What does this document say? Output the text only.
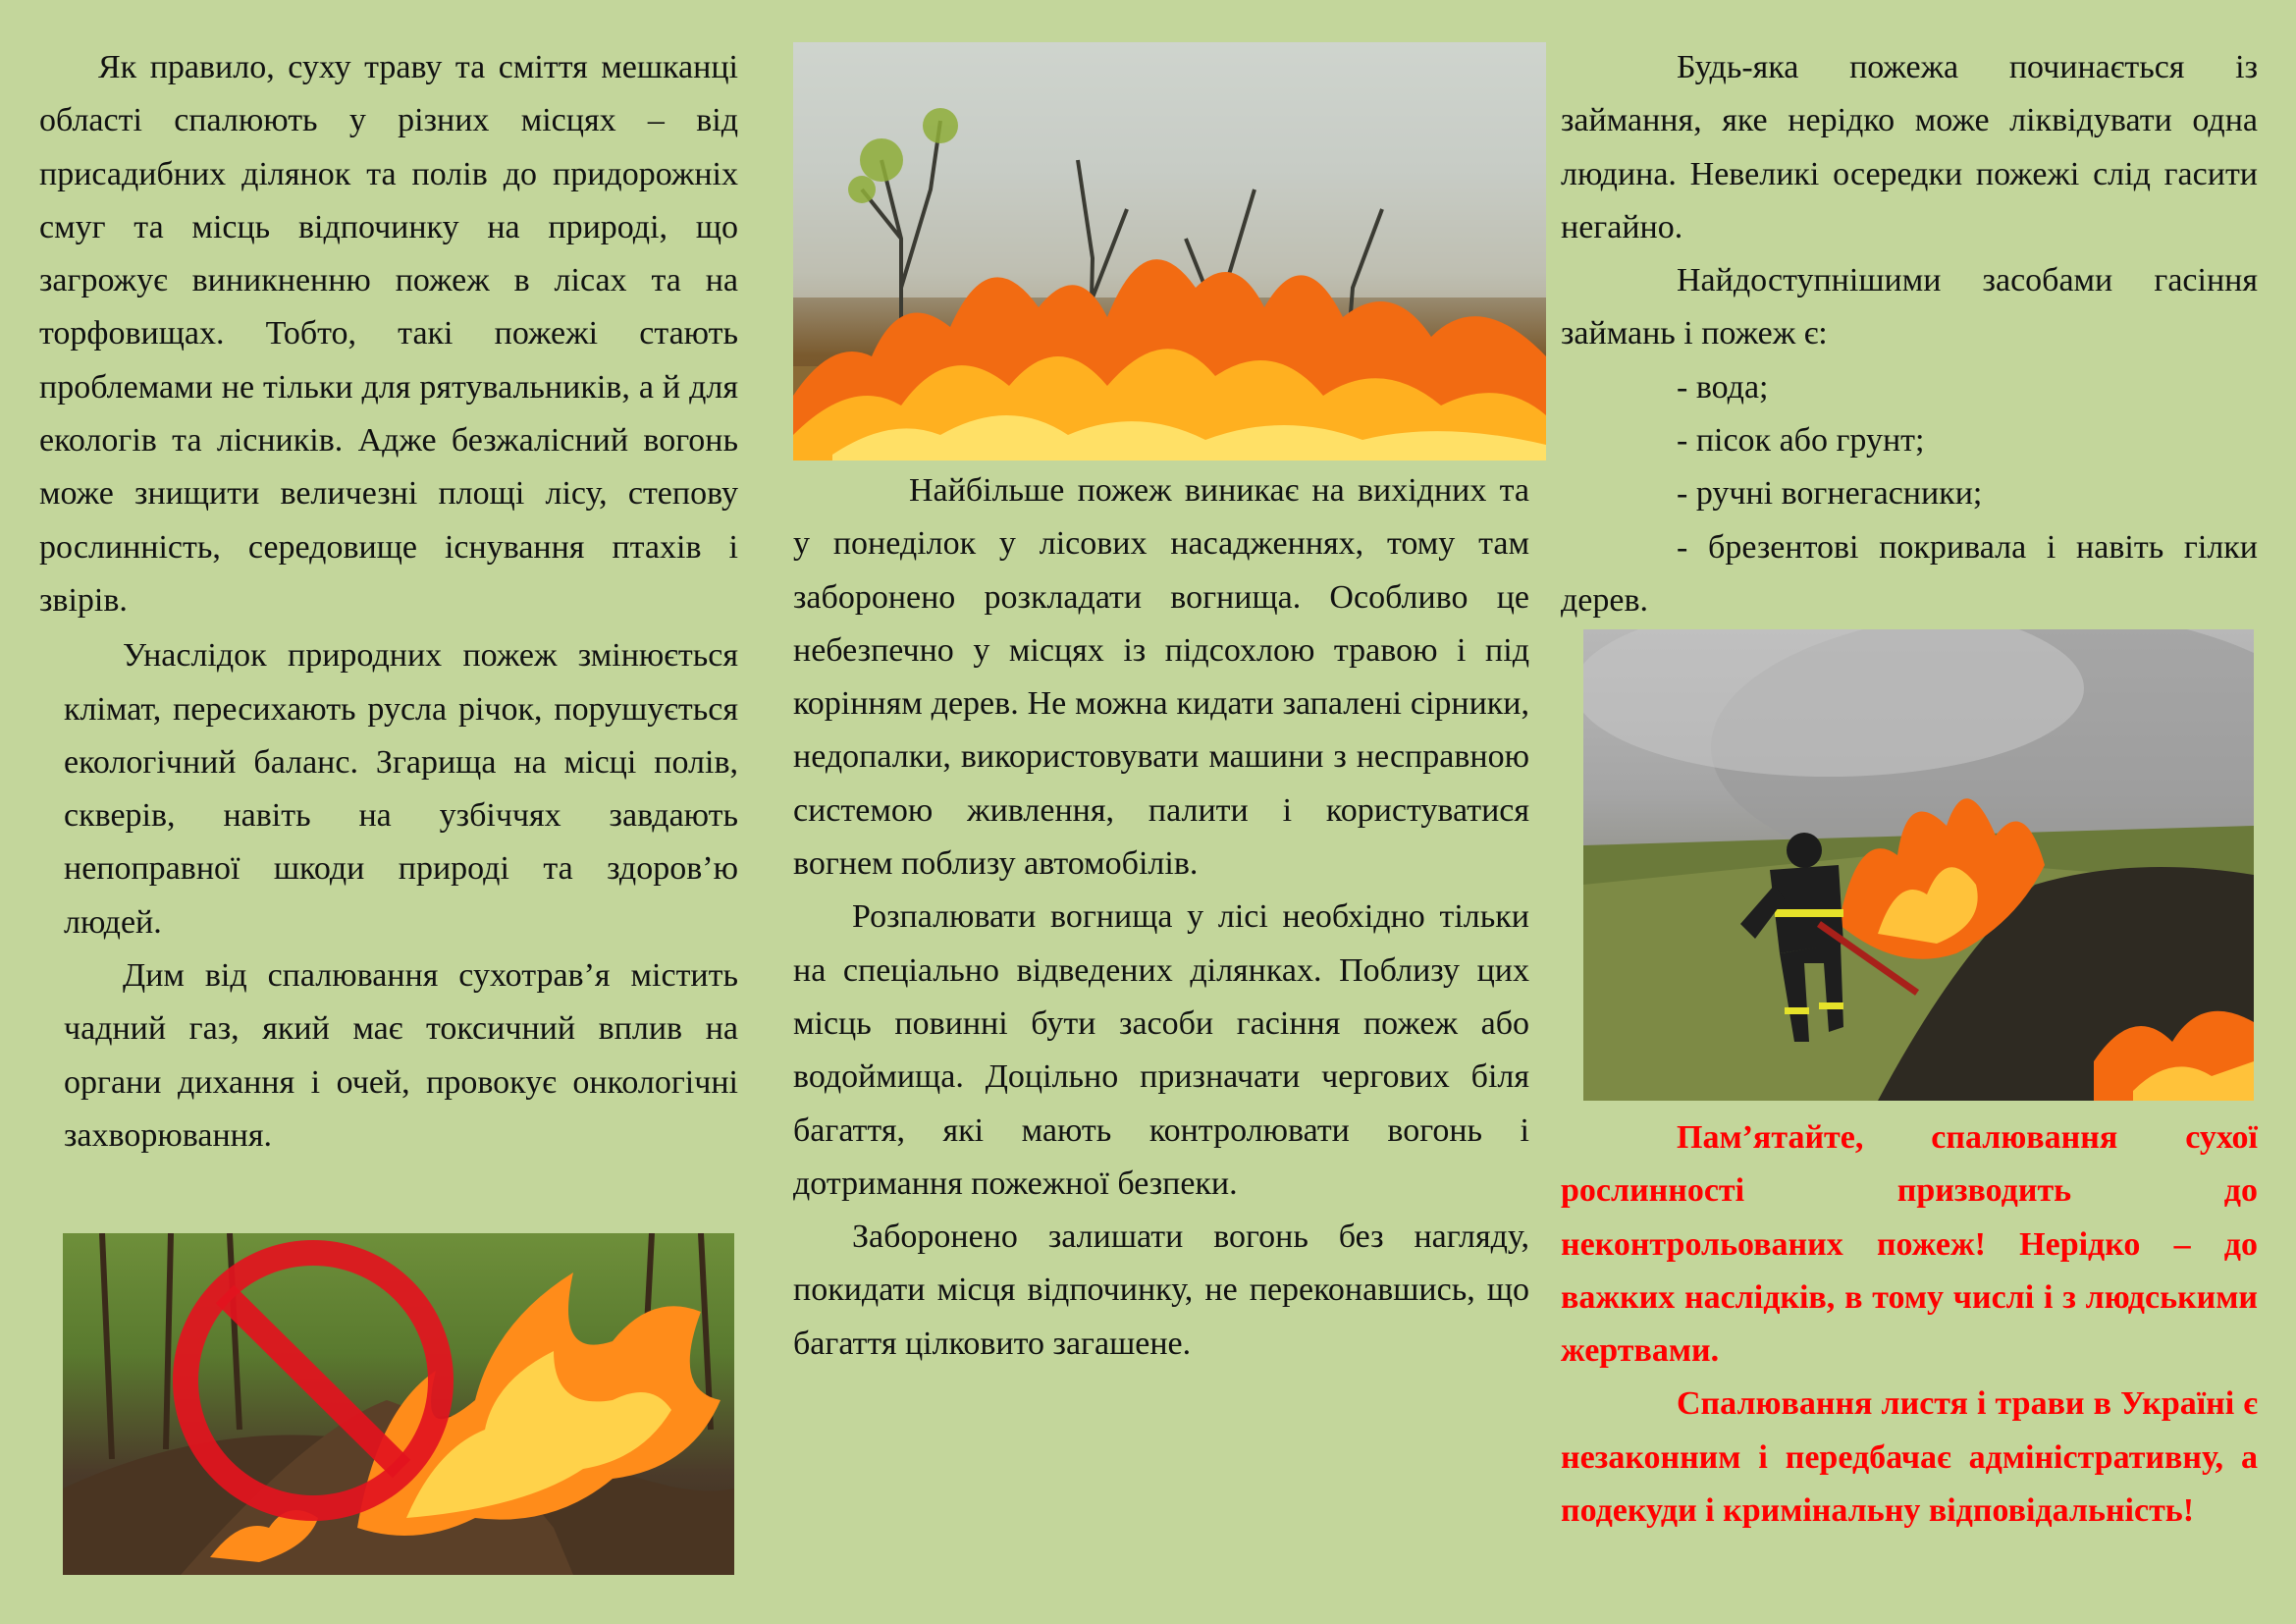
Як правило, суху траву та сміття мешканці області спалюють у різних місцях – від присадибних ділянок та полів до придорожніх смуг та місць відпочинку на природі, що загрожує виникненню пожеж в лісах та на торфовищах. Тобто, такі пожежі стають проблемами не тільки для рятувальників, а й для екологів та лісників. Адже безжалісний вогонь може знищити величезні площі лісу, степову рослинність, середовище існування птахів і звірів.

Унаслідок природних пожеж змінюється клімат, пересихають русла річок, порушується екологічний баланс. Згарища на місці полів, скверів, навіть на узбіччях завдають непоправної шкоди природі та здоров’ю людей.

Дим від спалювання сухотрав’я містить чадний газ, який має токсичний вплив на органи дихання і очей, провокує онкологічні захворювання.

Найбільше пожеж виникає на вихідних та у понеділок у лісових насадженнях, тому там заборонено розкладати вогнища. Особливо це небезпечно у місцях із підсохлою травою і під корінням дерев. Не можна кидати запалені сірники, недопалки, використовувати машини з несправною системою живлення, палити і користуватися вогнем поблизу автомобілів.

Розпалювати вогнища у лісі необхідно тільки на спеціально відведених ділянках. Поблизу цих місць повинні бути засоби гасіння пожеж або водоймища. Доцільно призначати чергових біля багаття, які мають контролювати вогонь і дотримання пожежної безпеки.

Заборонено залишати вогонь без нагляду, покидати місця відпочинку, не переконавшись, що багаття цілковито загашене.

Будь-яка пожежа починається із займання, яке нерідко може ліквідувати одна людина. Невеликі осередки пожежі слід гасити негайно.

Найдоступнішими засобами гасіння займань і пожеж є:

- вода;

- пісок або грунт;

- ручні вогнегасники;

- брезентові покривала і навіть гілки дерев.

Пам’ятайте, спалювання сухої рослинності призводить до неконтрольованих пожеж! Нерідко – до важких наслідків, в тому числі і з людськими жертвами.

Спалювання листя і трави в Україні є незаконним і передбачає адміністративну, а подекуди і кримінальну відповідальність!
